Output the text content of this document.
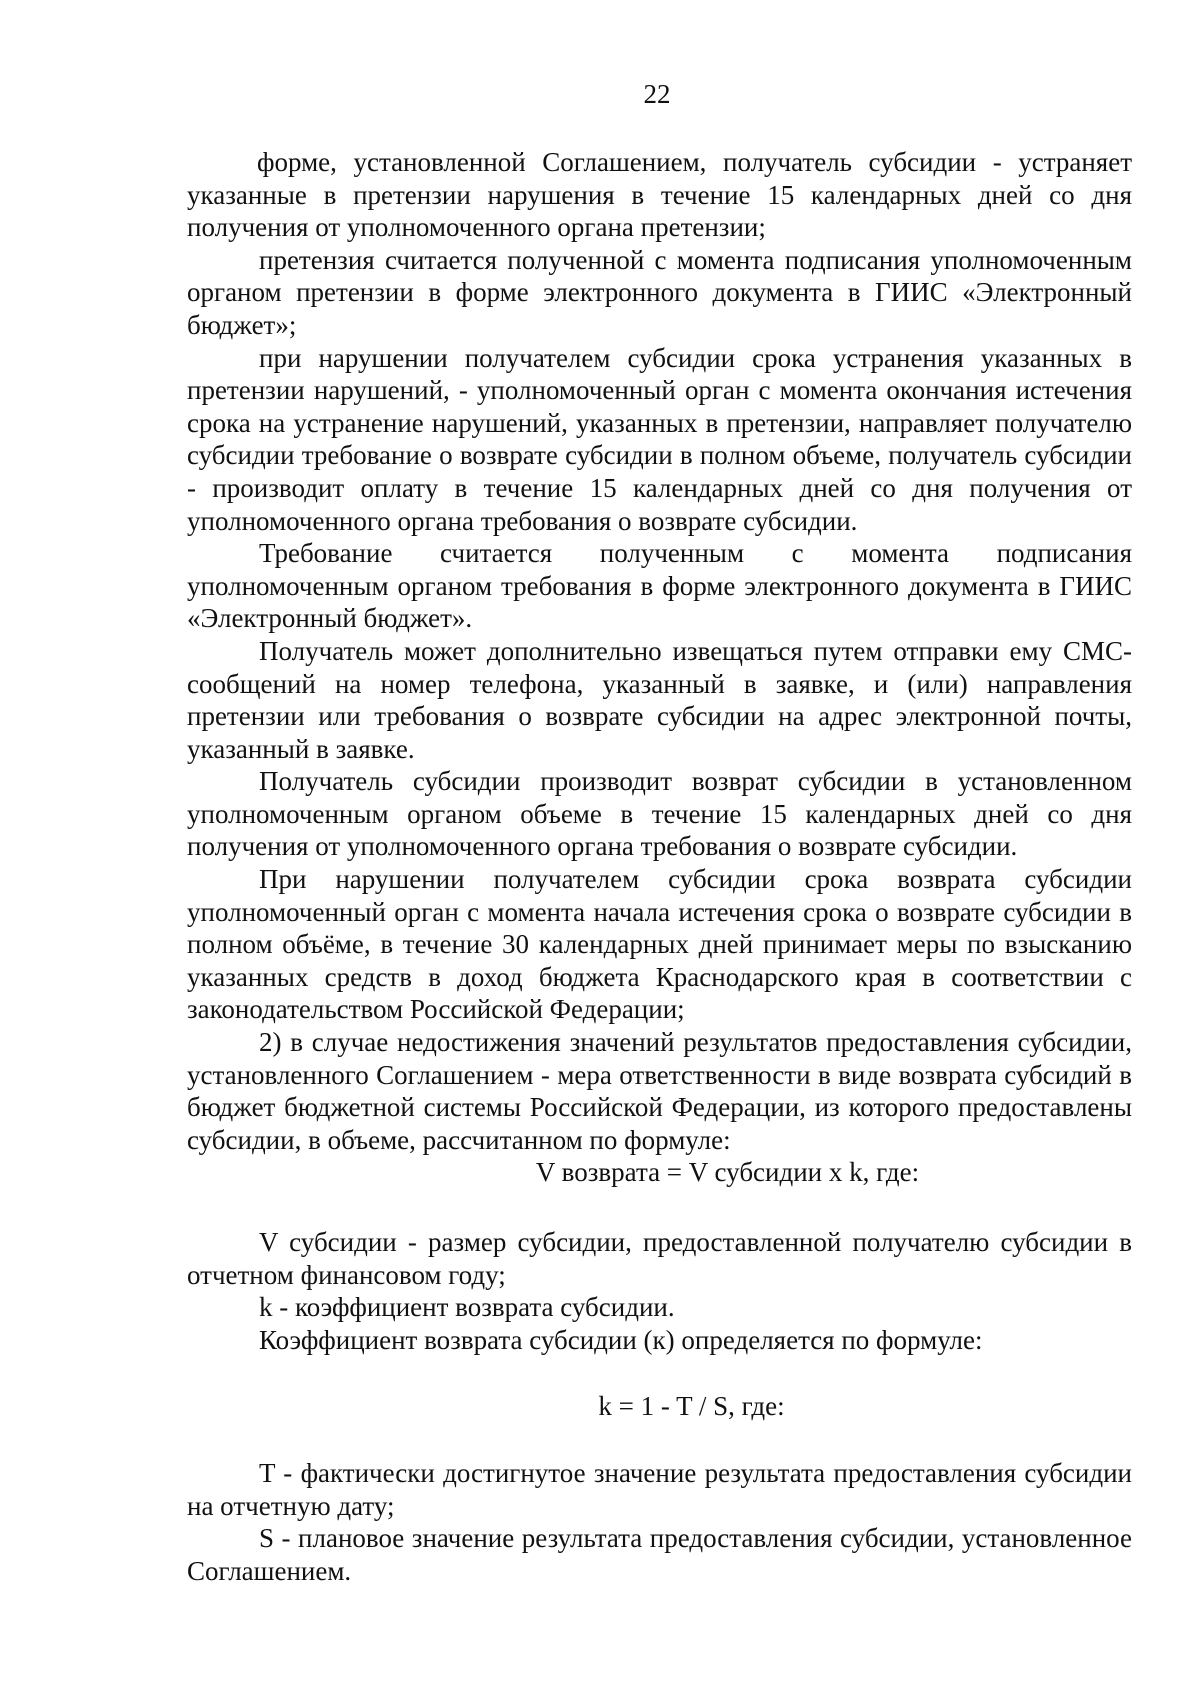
22

форме, установленной Соглашением, получатель субсидии - устраняет указанные в претензии нарушения в течение 15 календарных дней со дня получения от уполномоченного органа претензии;

претензия считается полученной с момента подписания уполномоченным органом претензии в форме электронного документа в ГИИС «Электронный бюджет»;

при нарушении получателем субсидии срока устранения указанных в претензии нарушений, - уполномоченный орган с момента окончания истечения срока на устранение нарушений, указанных в претензии, направляет получателю субсидии требование о возврате субсидии в полном объеме, получатель субсидии - производит оплату в течение 15 календарных дней со дня получения от уполномоченного органа требования о возврате субсидии.

Требование считается полученным с момента подписания уполномоченным органом требования в форме электронного документа в ГИИС «Электронный бюджет».

Получатель может дополнительно извещаться путем отправки ему СМС-сообщений на номер телефона, указанный в заявке, и (или) направления претензии или требования о возврате субсидии на адрес электронной почты, указанный в заявке.

Получатель субсидии производит возврат субсидии в установленном уполномоченным органом объеме в течение 15 календарных дней со дня получения от уполномоченного органа требования о возврате субсидии.

При нарушении получателем субсидии срока возврата субсидии уполномоченный орган с момента начала истечения срока о возврате субсидии в полном объёме, в течение 30 календарных дней принимает меры по взысканию указанных средств в доход бюджета Краснодарского края в соответствии с законодательством Российской Федерации;

2) в случае недостижения значений результатов предоставления субсидии, установленного Соглашением - мера ответственности в виде возврата субсидий в бюджет бюджетной системы Российской Федерации, из которого предоставлены субсидии, в объеме, рассчитанном по формуле:

V возврата = V субсидии x k, где:

V субсидии - размер субсидии, предоставленной получателю субсидии в отчетном финансовом году;

k - коэффициент возврата субсидии.

Коэффициент возврата субсидии (к) определяется по формуле:

k = 1 - T / S, где:

T - фактически достигнутое значение результата предоставления субсидии на отчетную дату;

S - плановое значение результата предоставления субсидии, установленное Соглашением.
